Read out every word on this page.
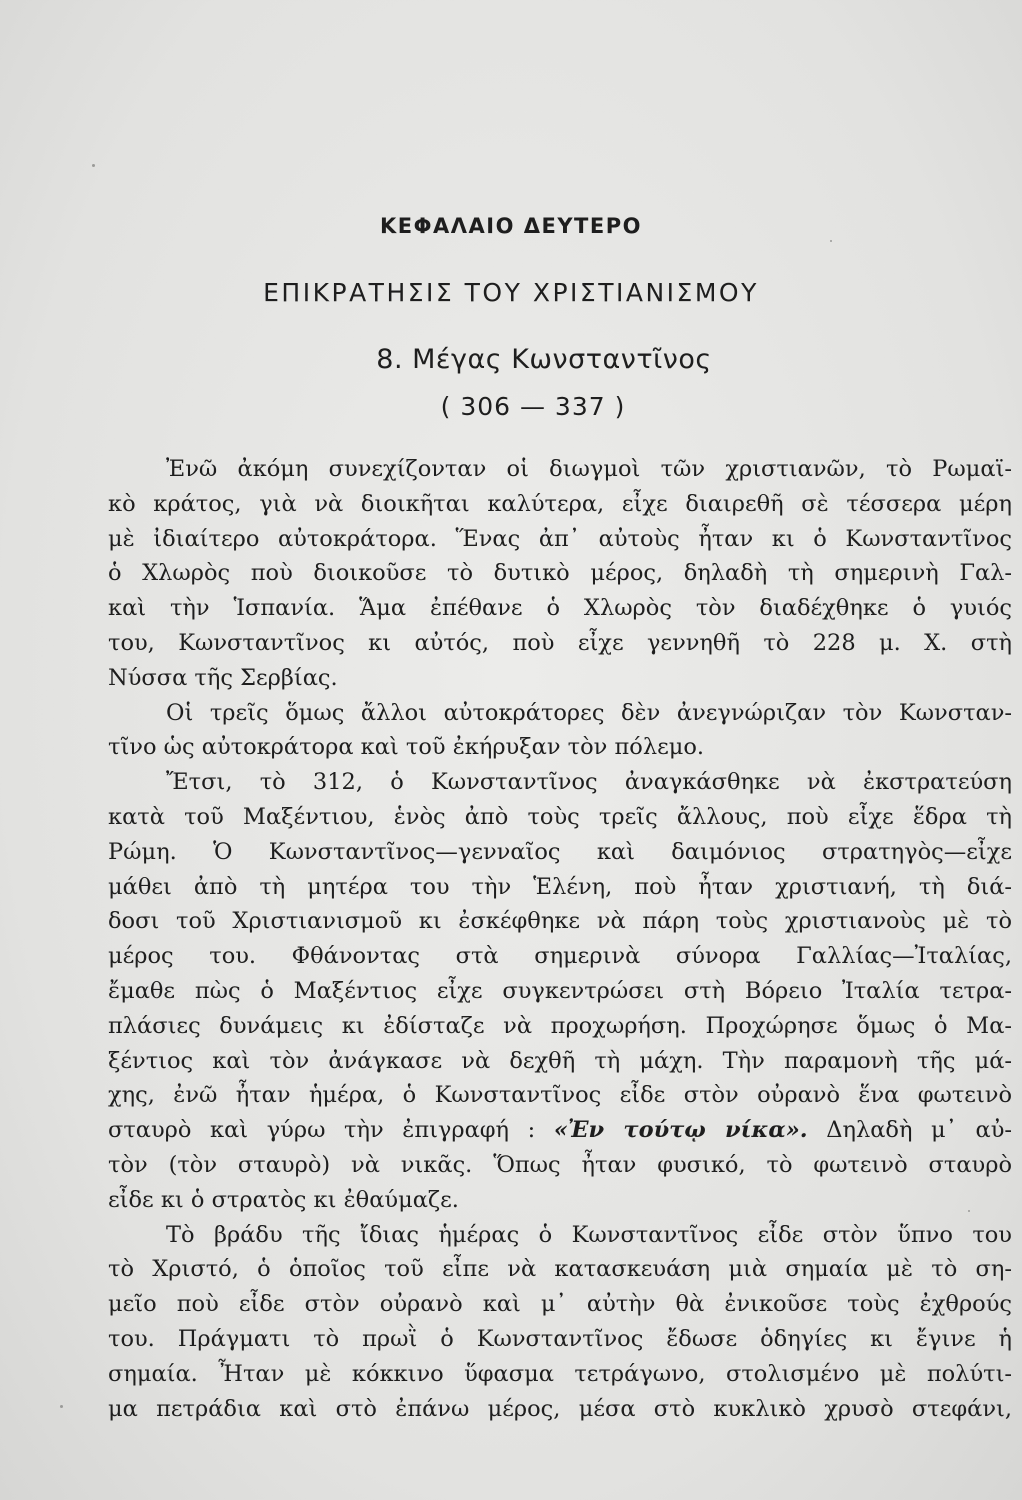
ΚΕΦΑΛΑΙΟ ΔΕΥΤΕΡΟ
ΕΠΙΚΡΑΤΗΣΙΣ ΤΟΥ ΧΡΙΣΤΙΑΝΙΣΜΟΥ
8. Μέγας Κωνσταντῖνος
( 306 — 337 )
Ἐνῶ ἀκόμη συνεχίζονταν οἱ διωγμοὶ τῶν χριστιανῶν, τὸ Ρωμαϊ-
κὸ κράτος, γιὰ νὰ διοικῆται καλύτερα, εἶχε διαιρεθῆ σὲ τέσσερα μέρη
μὲ ἰδιαίτερο αὐτοκράτορα. Ἕνας ἀπ᾽ αὐτοὺς ἦταν κι ὁ Κωνσταντῖνος
ὁ Χλωρὸς ποὺ διοικοῦσε τὸ δυτικὸ μέρος, δηλαδὴ τὴ σημερινὴ Γαλ-
καὶ τὴν Ἱσπανία. Ἅμα ἐπέθανε ὁ Χλωρὸς τὸν διαδέχθηκε ὁ γυιός
του, Κωνσταντῖνος κι αὐτός, ποὺ εἶχε γεννηθῆ τὸ 228 μ. Χ. στὴ
Νύσσα τῆς Σερβίας.
Οἱ τρεῖς ὅμως ἄλλοι αὐτοκράτορες δὲν ἀνεγνώριζαν τὸν Κωνσταν-
τῖνο ὡς αὐτοκράτορα καὶ τοῦ ἐκήρυξαν τὸν πόλεμο.
Ἔτσι, τὸ 312, ὁ Κωνσταντῖνος ἀναγκάσθηκε νὰ ἐκστρατεύση
κατὰ τοῦ Μαξέντιου, ἑνὸς ἀπὸ τοὺς τρεῖς ἄλλους, ποὺ εἶχε ἕδρα τὴ
Ρώμη. Ὁ Κωνσταντῖνος—γενναῖος καὶ δαιμόνιος στρατηγὸς—εἶχε
μάθει ἀπὸ τὴ μητέρα του τὴν Ἑλένη, ποὺ ἦταν χριστιανή, τὴ διά-
δοσι τοῦ Χριστιανισμοῦ κι ἐσκέφθηκε νὰ πάρη τοὺς χριστιανοὺς μὲ τὸ
μέρος του. Φθάνοντας στὰ σημερινὰ σύνορα Γαλλίας—Ἰταλίας,
ἔμαθε πὼς ὁ Μαξέντιος εἶχε συγκεντρώσει στὴ Βόρειο Ἰταλία τετρα-
πλάσιες δυνάμεις κι ἐδίσταζε νὰ προχωρήση. Προχώρησε ὅμως ὁ Μα-
ξέντιος καὶ τὸν ἀνάγκασε νὰ δεχθῆ τὴ μάχη. Τὴν παραμονὴ τῆς μά-
χης, ἐνῶ ἦταν ἡμέρα, ὁ Κωνσταντῖνος εἶδε στὸν οὐρανὸ ἕνα φωτεινὸ
σταυρὸ καὶ γύρω τὴν ἐπιγραφή : «Ἐν τούτῳ νίκα». Δηλαδὴ μ᾽ αὐ-
τὸν (τὸν σταυρὸ) νὰ νικᾶς. Ὅπως ἦταν φυσικό, τὸ φωτεινὸ σταυρὸ
εἶδε κι ὁ στρατὸς κι ἐθαύμαζε.
Τὸ βράδυ τῆς ἴδιας ἡμέρας ὁ Κωνσταντῖνος εἶδε στὸν ὕπνο του
τὸ Χριστό, ὁ ὁποῖος τοῦ εἶπε νὰ κατασκευάση μιὰ σημαία μὲ τὸ ση-
μεῖο ποὺ εἶδε στὸν οὐρανὸ καὶ μ᾽ αὐτὴν θὰ ἐνικοῦσε τοὺς ἐχθρούς
του. Πράγματι τὸ πρωῒ ὁ Κωνσταντῖνος ἔδωσε ὁδηγίες κι ἔγινε ἡ
σημαία. Ἦταν μὲ κόκκινο ὕφασμα τετράγωνο, στολισμένο μὲ πολύτι-
μα πετράδια καὶ στὸ ἐπάνω μέρος, μέσα στὸ κυκλικὸ χρυσὸ στεφάνι,
